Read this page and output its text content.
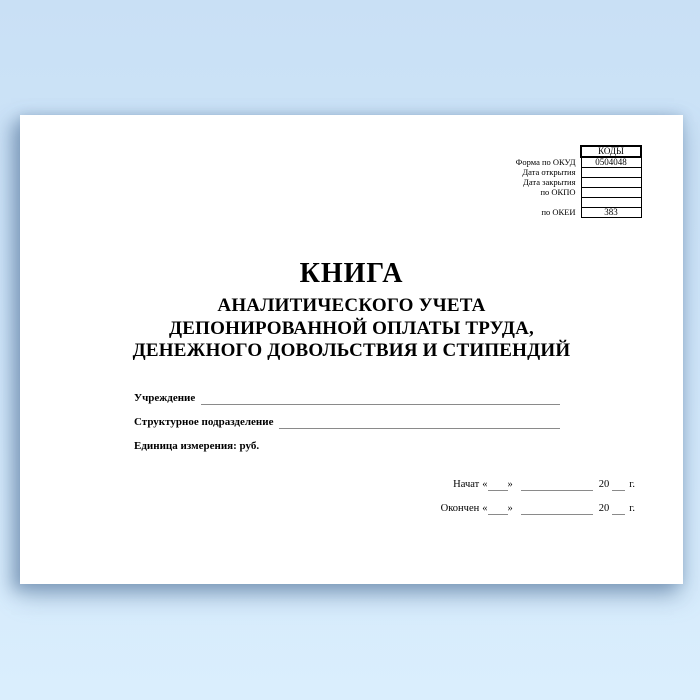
	КОДЫ
Форма по ОКУД	0504048
Дата открытия	
Дата закрытия	
по ОКПО	

по ОКЕИ	383
КНИГА
АНАЛИТИЧЕСКОГО УЧЕТА
ДЕПОНИРОВАННОЙ ОПЛАТЫ ТРУДА,
ДЕНЕЖНОГО ДОВОЛЬСТВИЯ И СТИПЕНДИЙ
Учреждение
Структурное подразделение
Единица измерения: руб.
Начат « »	20 г.
Окончен « »	20 г.
